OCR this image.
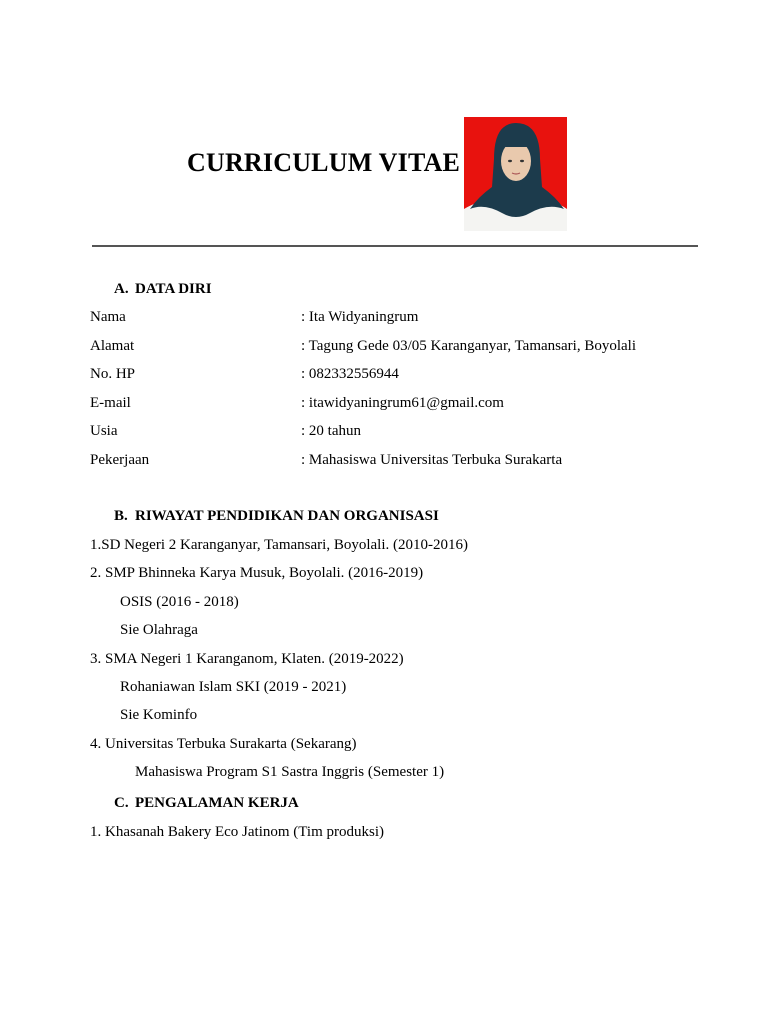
CURRICULUM VITAE
A. DATA DIRI
Nama	: Ita Widyaningrum
Alamat	: Tagung Gede 03/05 Karanganyar, Tamansari, Boyolali
No. HP	: 082332556944
E-mail	: itawidyaningrum61@gmail.com
Usia	: 20 tahun
Pekerjaan	: Mahasiswa Universitas Terbuka Surakarta
B. RIWAYAT PENDIDIKAN DAN ORGANISASI
1.SD Negeri 2 Karanganyar, Tamansari, Boyolali. (2010-2016)
2. SMP Bhinneka Karya Musuk, Boyolali. (2016-2019)
OSIS (2016 - 2018)
Sie Olahraga
3. SMA Negeri 1 Karanganom, Klaten. (2019-2022)
Rohaniawan Islam SKI (2019 - 2021)
Sie Kominfo
4. Universitas Terbuka Surakarta (Sekarang)
Mahasiswa Program S1 Sastra Inggris (Semester 1)
C. PENGALAMAN KERJA
1. Khasanah Bakery Eco Jatinom (Tim produksi)
